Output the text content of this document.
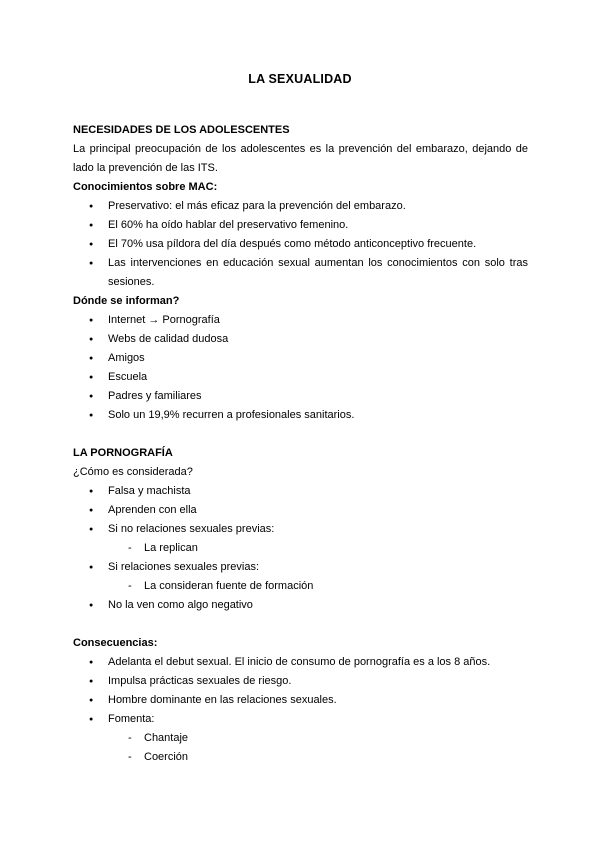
LA SEXUALIDAD
NECESIDADES DE LOS ADOLESCENTES

La principal preocupación de los adolescentes es la prevención del embarazo, dejando de lado la prevención de las ITS.

Conocimientos sobre MAC:
● Preservativo: el más eficaz para la prevención del embarazo.
● El 60% ha oído hablar del preservativo femenino.
● El 70% usa píldora del día después como método anticonceptivo frecuente.
● Las intervenciones en educación sexual aumentan los conocimientos con solo tras sesiones.
Dónde se informan?
● Internet → Pornografía
● Webs de calidad dudosa
● Amigos
● Escuela
● Padres y familiares
● Solo un 19,9% recurren a profesionales sanitarios.
LA PORNOGRAFÍA

¿Cómo es considerada?

● Falsa y machista
● Aprenden con ella
● Si no relaciones sexuales previas:
- La replican
● Si relaciones sexuales previas:
- La consideran fuente de formación
● No la ven como algo negativo
Consecuencias:
● Adelanta el debut sexual. El inicio de consumo de pornografía es a los 8 años.
● Impulsa prácticas sexuales de riesgo.
● Hombre dominante en las relaciones sexuales.
● Fomenta:
- Chantaje
- Coerción
